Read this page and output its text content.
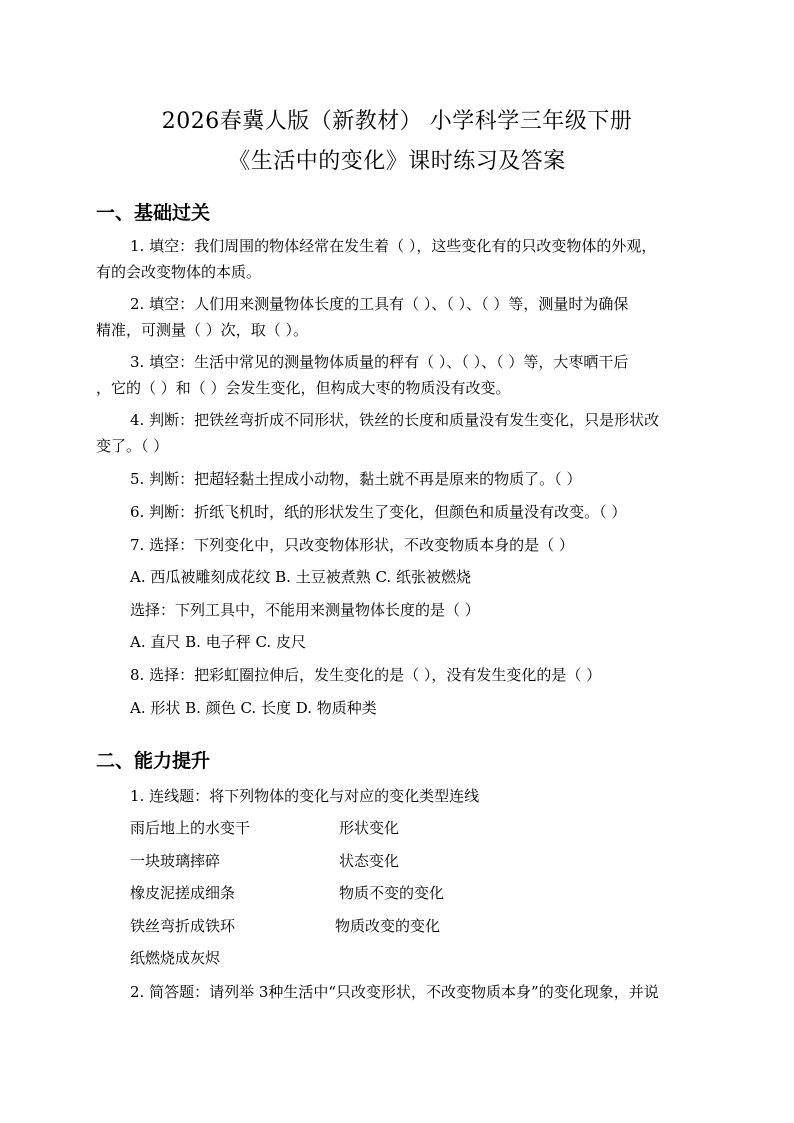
2026春冀人版（新教材） 小学科学三年级下册
《生活中的变化》课时练习及答案
一、基础过关
1. 填空：我们周围的物体经常在发生着（ ），这些变化有的只改变物体的外观，
有的会改变物体的本质。
2. 填空：人们用来测量物体长度的工具有（ ）、（ ）、（ ）等，测量时为确保
精准，可测量（ ）次，取（ ）。
3. 填空：生活中常见的测量物体质量的秤有（ ）、（ ）、（ ）等，大枣晒干后
，它的（ ）和（ ）会发生变化，但构成大枣的物质没有改变。
4. 判断：把铁丝弯折成不同形状，铁丝的长度和质量没有发生变化，只是形状改
变了。（ ）
5. 判断：把超轻黏土捏成小动物，黏土就不再是原来的物质了。（ ）
6. 判断：折纸飞机时，纸的形状发生了变化，但颜色和质量没有改变。（ ）
7. 选择：下列变化中，只改变物体形状，不改变物质本身的是（ ）
A. 西瓜被雕刻成花纹 B. 土豆被煮熟 C. 纸张被燃烧
选择：下列工具中，不能用来测量物体长度的是（ ）
A. 直尺 B. 电子秤 C. 皮尺
8. 选择：把彩虹圈拉伸后，发生变化的是（ ），没有发生变化的是（ ）
A. 形状 B. 颜色 C. 长度 D. 物质种类
二、能力提升
1. 连线题：将下列物体的变化与对应的变化类型连线
雨后地上的水变干	形状变化
一块玻璃摔碎	状态变化
橡皮泥搓成细条	物质不变的变化
铁丝弯折成铁环	物质改变的变化
纸燃烧成灰烬
2. 简答题：请列举 3种生活中“只改变形状，不改变物质本身”的变化现象，并说
